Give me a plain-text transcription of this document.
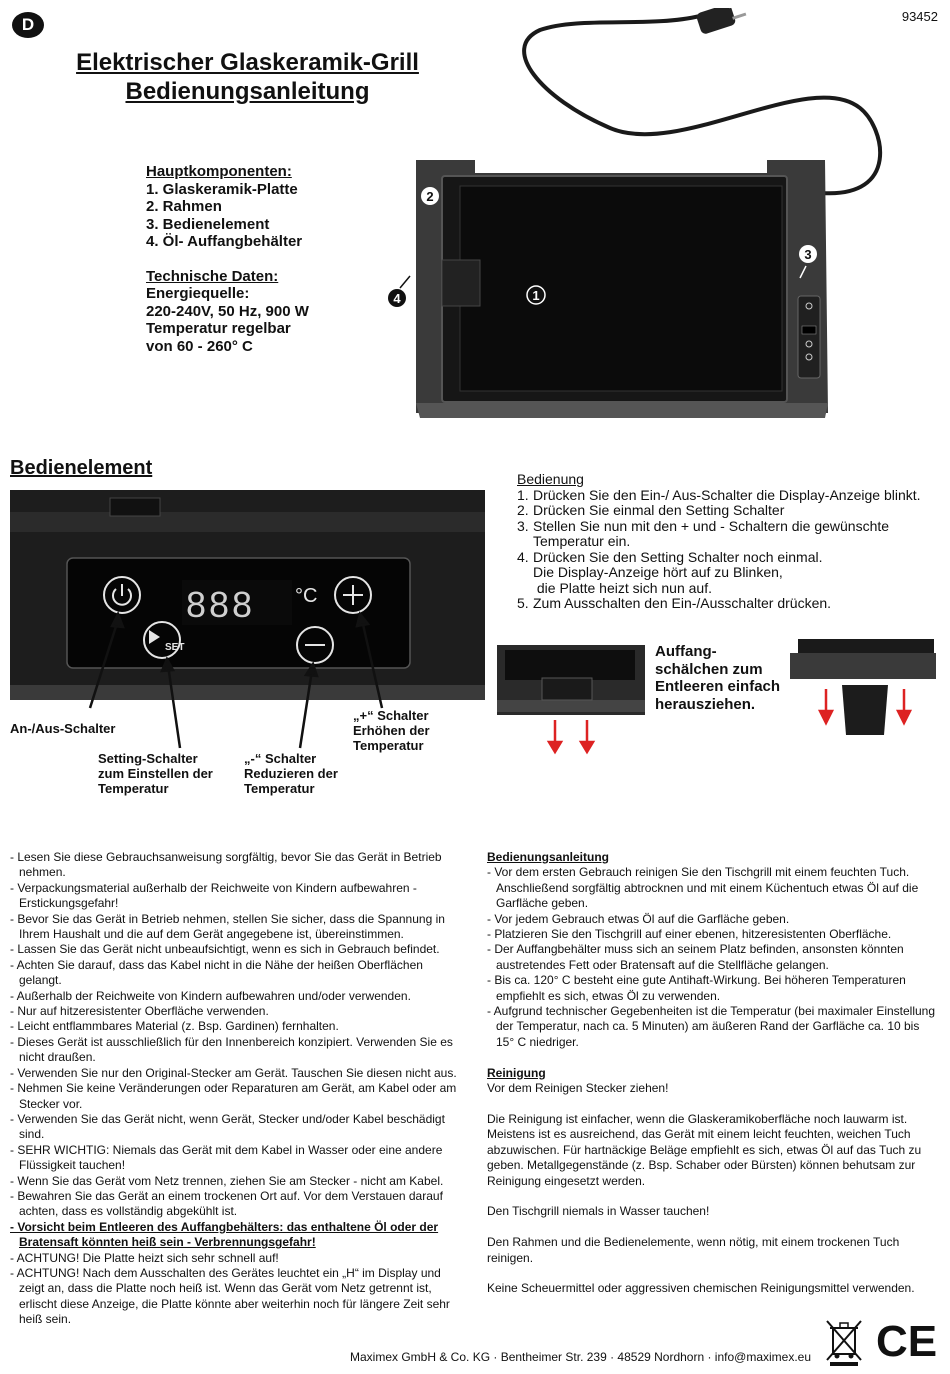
D	93452
Elektrischer Glaskeramik-Grill
Bedienungsanleitung
Hauptkomponenten:
1. Glaskeramik-Platte
2. Rahmen
3. Bedienelement
4. Öl- Auffangbehälter
Technische Daten:
Energiequelle:
220-240V, 50 Hz, 900 W
Temperatur regelbar
von 60 - 260° C
1
2
3
4
Bedienelement
SET
888 °C
An-/Aus-Schalter
Setting-Schalter
zum Einstellen der
Temperatur
„-“ Schalter
Reduzieren der
Temperatur
„+“ Schalter
Erhöhen der
Temperatur
Bedienung
1. Drücken Sie den Ein-/ Aus-Schalter die Display-Anzeige blinkt.
2. Drücken Sie einmal den Setting Schalter
3. Stellen Sie nun mit den + und - Schaltern die gewünschte
Temperatur ein.
4. Drücken Sie den Setting Schalter noch einmal.
Die Display-Anzeige hört auf zu Blinken,
die Platte heizt sich nun auf.
5. Zum Ausschalten den Ein-/Ausschalter drücken.
Auffang-
schälchen zum
Entleeren einfach
herausziehen.

- Lesen Sie diese Gebrauchsanweisung sorgfältig, bevor Sie das Gerät in Betrieb nehmen.

- Verpackungsmaterial außerhalb der Reichweite von Kindern aufbewahren - Erstickungsgefahr!

- Bevor Sie das Gerät in Betrieb nehmen, stellen Sie sicher, dass die Spannung in Ihrem Haushalt und die auf dem Gerät angegebene ist, übereinstimmen.

- Lassen Sie das Gerät nicht unbeaufsichtigt, wenn es sich in Gebrauch befindet.

- Achten Sie darauf, dass das Kabel nicht in die Nähe der heißen Oberflächen gelangt.

- Außerhalb der Reichweite von Kindern aufbewahren und/oder verwenden.

- Nur auf hitzeresistenter Oberfläche verwenden.

- Leicht entflammbares Material (z. Bsp. Gardinen) fernhalten.

- Dieses Gerät ist ausschließlich für den Innenbereich konzipiert. Verwenden Sie es nicht draußen.

- Verwenden Sie nur den Original-Stecker am Gerät. Tauschen Sie diesen nicht aus.

- Nehmen Sie keine Veränderungen oder Reparaturen am Gerät, am Kabel oder am Stecker vor.

- Verwenden Sie das Gerät nicht, wenn Gerät, Stecker und/oder Kabel beschädigt sind.

- SEHR WICHTIG: Niemals das Gerät mit dem Kabel in Wasser oder eine andere Flüssigkeit tauchen!

- Wenn Sie das Gerät vom Netz trennen, ziehen Sie am Stecker - nicht am Kabel.

- Bewahren Sie das Gerät an einem trockenen Ort auf. Vor dem Verstauen darauf achten, dass es vollständig abgekühlt ist.

- Vorsicht beim Entleeren des Auffangbehälters: das enthaltene Öl oder der Bratensaft könnten heiß sein - Verbrennungsgefahr!

- ACHTUNG! Die Platte heizt sich sehr schnell auf!

- ACHTUNG! Nach dem Ausschalten des Gerätes leuchtet ein „H“ im Display und zeigt an, dass die Platte noch heiß ist. Wenn das Gerät vom Netz getrennt ist, erlischt diese Anzeige, die Platte könnte aber weiterhin noch für längere Zeit sehr heiß sein.

Bedienungsanleitung

- Vor dem ersten Gebrauch reinigen Sie den Tischgrill mit einem feuchten Tuch. Anschließend sorgfältig abtrocknen und mit einem Küchentuch etwas Öl auf die Garfläche geben.

- Vor jedem Gebrauch etwas Öl auf die Garfläche geben.

- Platzieren Sie den Tischgrill auf einer ebenen, hitzeresistenten Oberfläche.

- Der Auffangbehälter muss sich an seinem Platz befinden, ansonsten könnten austretendes Fett oder Bratensaft auf die Stellfläche gelangen.

- Bis ca. 120° C besteht eine gute Antihaft-Wirkung. Bei höheren Temperaturen empfiehlt es sich, etwas Öl zu verwenden.

- Aufgrund technischer Gegebenheiten ist die Temperatur (bei maximaler Einstellung der Temperatur, nach ca. 5 Minuten) am äußeren Rand der Garfläche ca. 10 bis 15° C niedriger.

Reinigung

Vor dem Reinigen Stecker ziehen!

Die Reinigung ist einfacher, wenn die Glaskeramikoberfläche noch lauwarm ist. Meistens ist es ausreichend, das Gerät mit einem leicht feuchten, weichen Tuch abzuwischen. Für hartnäckige Beläge empfiehlt es sich, etwas Öl auf das Tuch zu geben. Metallgegenstände (z. Bsp. Schaber oder Bürsten) können behutsam zur Reinigung eingesetzt werden.

Den Tischgrill niemals in Wasser tauchen!

Den Rahmen und die Bedienelemente, wenn nötig, mit einem trockenen Tuch reinigen.

Keine Scheuermittel oder aggressiven chemischen Reinigungsmittel verwenden.

Maximex GmbH & Co. KG · Bentheimer Str. 239 · 48529 Nordhorn · info@maximex.eu CE
